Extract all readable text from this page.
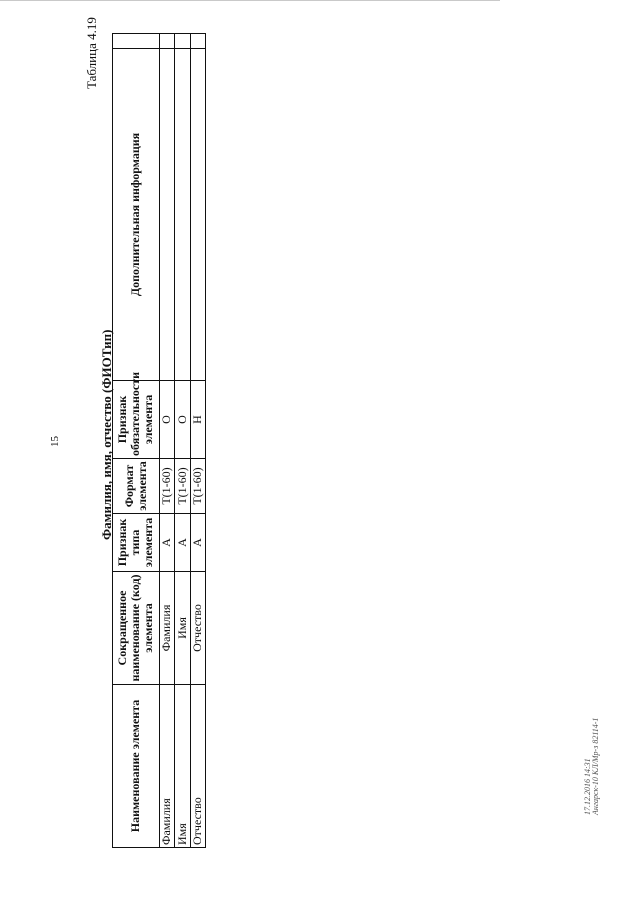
15
Таблица 4.19
Фамилия, имя, отчество (ФИОТип)
Наименование элемента	Сокращенное наименование (код) элемента	Признак типа элемента	Формат элемента	Признак обязательности элемента	Дополнительная информация	
Фамилия	Фамилия	А	T(1-60)	О		
Имя	Имя	А	T(1-60)	О		
Отчество	Отчество	А	T(1-60)	Н		
17.12.2016 14:31 Ангарск-10 КЛ/Мр-з 82114-1
